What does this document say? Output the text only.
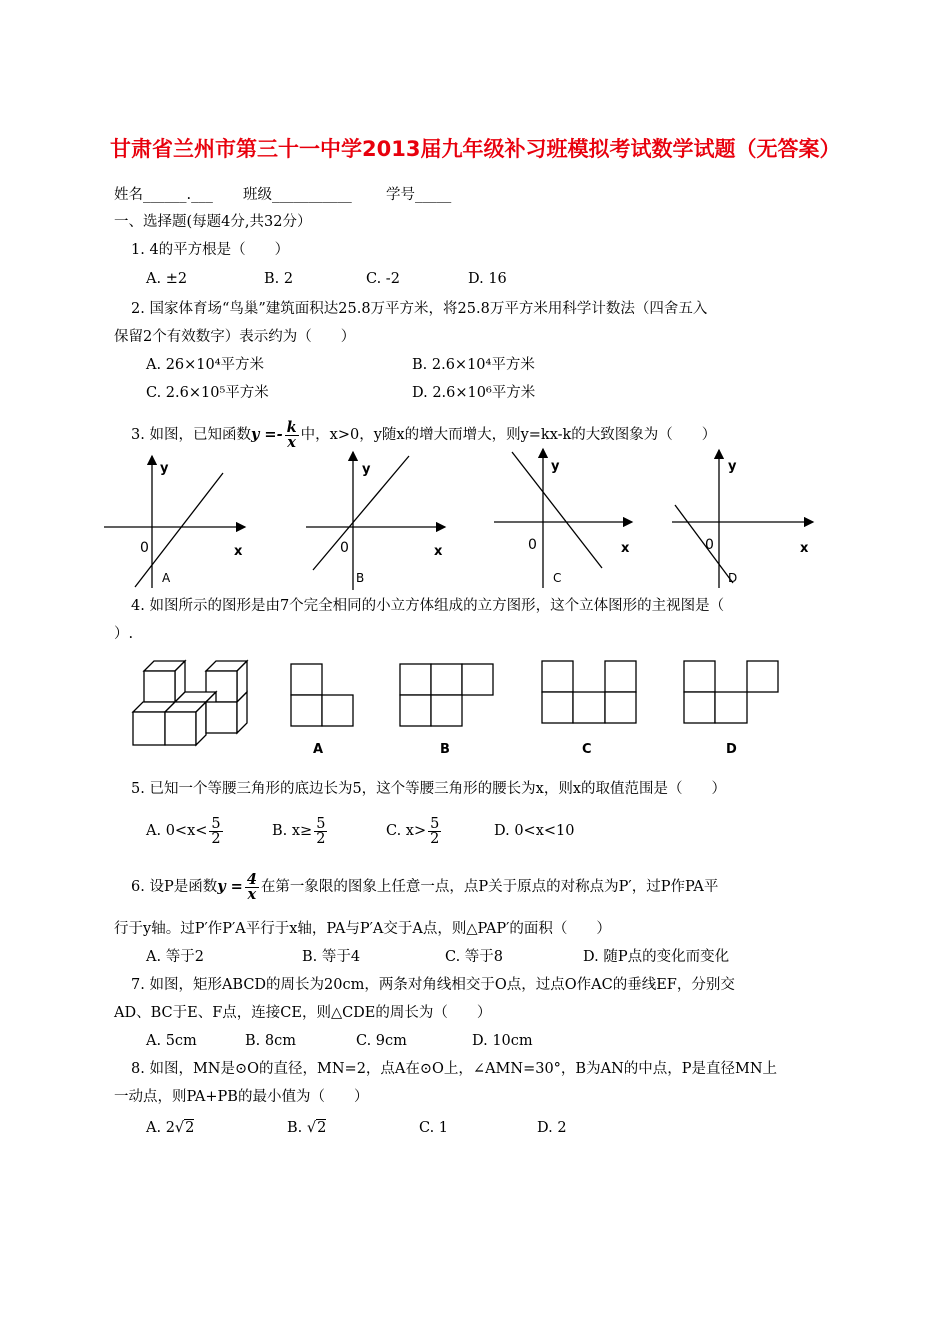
甘肃省兰州市第三十一中学2013届九年级补习班模拟考试数学试题（无答案）
姓名______.___ 班级___________ 学号_____
一、选择题(每题4分,共32分）
1. 4的平方根是（　　）
A. ±2	B. 2	C. -2	D. 16
2. 国家体育场“鸟巢”建筑面积达25.8万平方米，将25.8万平方米用科学计数法（四舍五入
保留2个有效数字）表示约为（　　）
A. 26×10⁴平方米	B. 2.6×10⁴平方米
C. 2.6×10⁵平方米	D. 2.6×10⁶平方米
3. 如图，已知函数$y =- \frac{k}{x}$ 中，x>0，y随x的增大而增大，则y=kx-k的大致图象为（　　）
y
0	x
A
y
0	x
B
y
0	x
C
y
0	x
D
4. 如图所示的图形是由7个完全相同的小立方体组成的立方图形，这个立体图形的主视图是（
）.
A	B	C	D
5. 已知一个等腰三角形的底边长为5，这个等腰三角形的腰长为x，则x的取值范围是（　　）
A. $0<x< \frac{5}{2}$	B. $x\ge \frac{5}{2}$	C. $x> \frac{5}{2}$	D. 0<x<10
6. 设P是函数$y = \frac{4}{x}$ 在第一象限的图象上任意一点，点P关于原点的对称点为P′，过P作PA平
行于y轴。过P′作P′A平行于x轴，PA与P′A交于A点，则△PAP′的面积（　　）
A. 等于2	B. 等于4	C. 等于8	D. 随P点的变化而变化
7. 如图，矩形ABCD的周长为20cm，两条对角线相交于O点，过点O作AC的垂线EF，分别交
AD、BC于E、F点，连接CE，则△CDE的周长为（　　）
A. 5cm	B. 8cm	C. 9cm	D. 10cm
8. 如图，MN是⊙O的直径，MN=2，点A在⊙O上，∠AMN=30°，B为AN的中点，P是直径MN上
一动点，则PA+PB的最小值为（　　）
A. 2√2	B. √2	C. 1	D. 2
